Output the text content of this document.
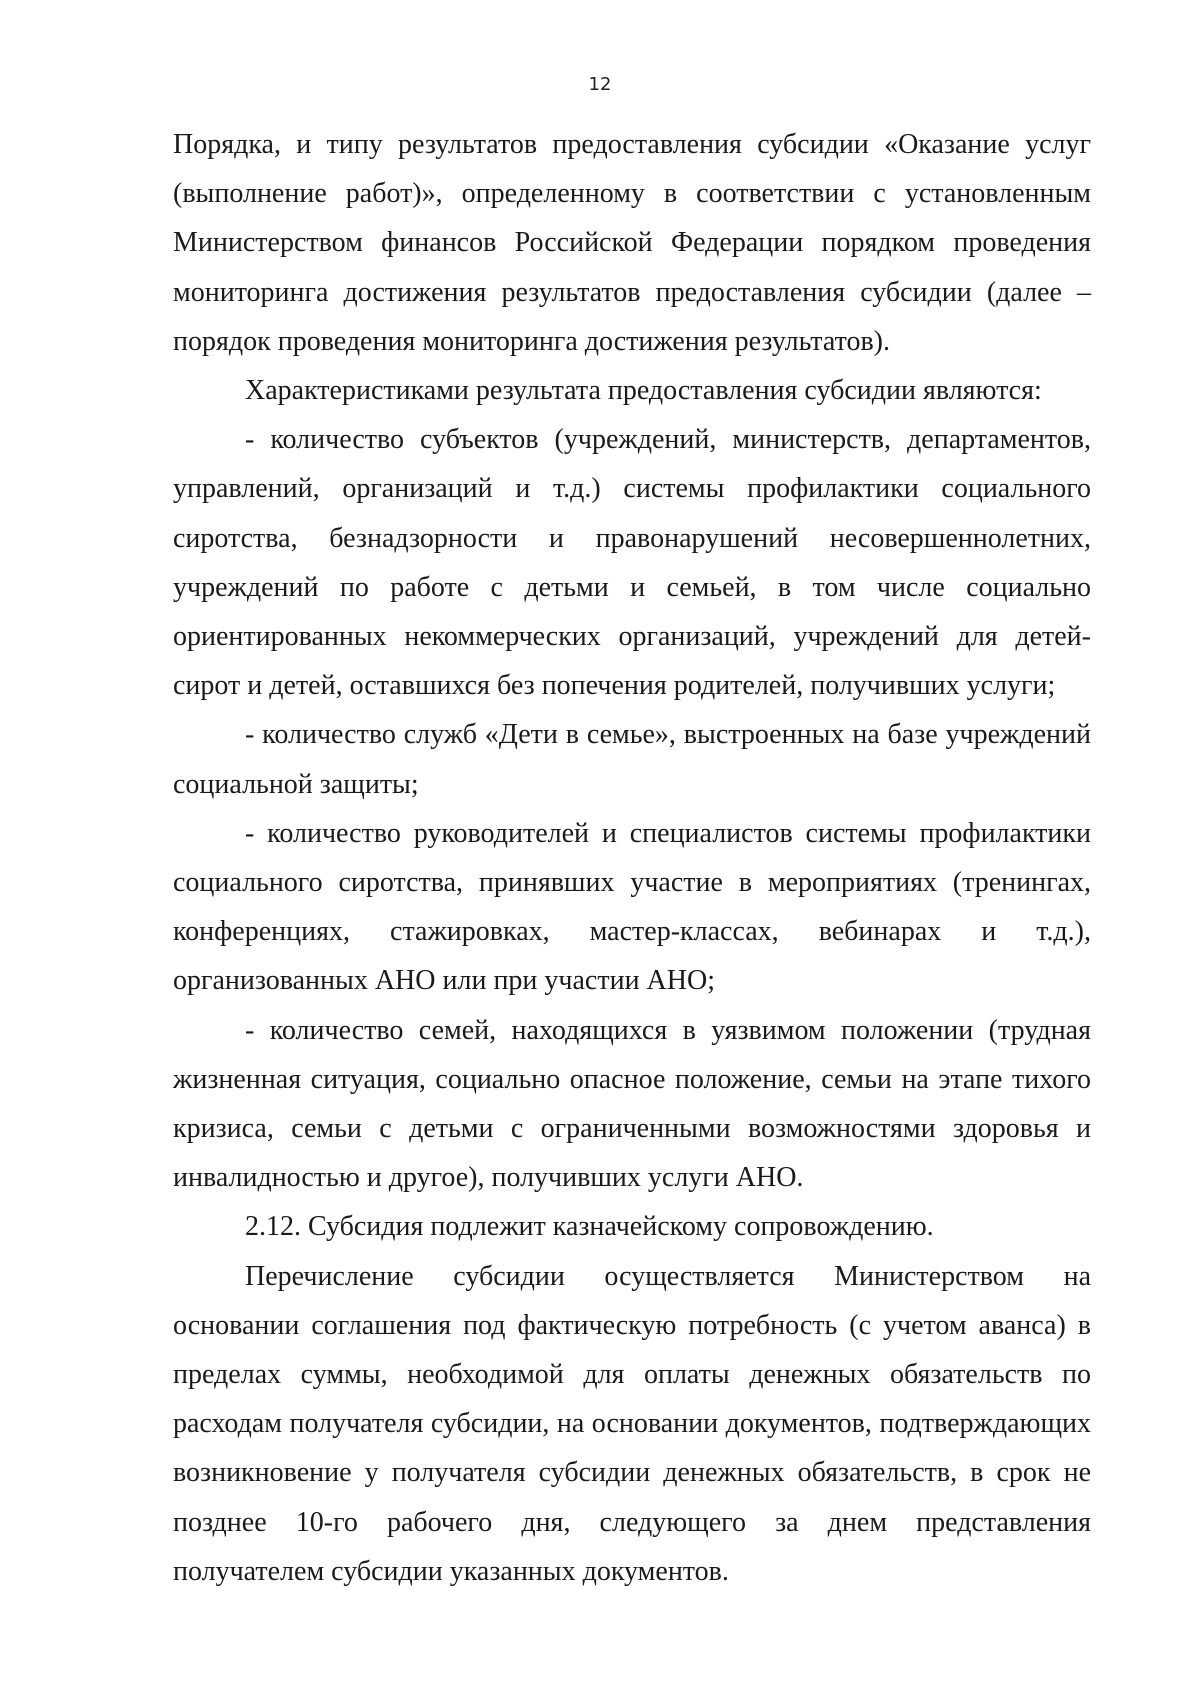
12

Порядка, и типу результатов предоставления субсидии «Оказание услуг (выполнение работ)», определенному в соответствии с установленным Министерством финансов Российской Федерации порядком проведения мониторинга достижения результатов предоставления субсидии (далее – порядок проведения мониторинга достижения результатов).

Характеристиками результата предоставления субсидии являются:

- количество субъектов (учреждений, министерств, департаментов, управлений, организаций и т.д.) системы профилактики социального сиротства, безнадзорности и правонарушений несовершеннолетних, учреждений по работе с детьми и семьей, в том числе социально ориентированных некоммерческих организаций, учреждений для детей-сирот и детей, оставшихся без попечения родителей, получивших услуги;

- количество служб «Дети в семье», выстроенных на базе учреждений социальной защиты;

- количество руководителей и специалистов системы профилактики социального сиротства, принявших участие в мероприятиях (тренингах, конференциях, стажировках, мастер-классах, вебинарах и т.д.), организованных АНО или при участии АНО;

- количество семей, находящихся в уязвимом положении (трудная жизненная ситуация, социально опасное положение, семьи на этапе тихого кризиса, семьи с детьми с ограниченными возможностями здоровья и инвалидностью и другое), получивших услуги АНО.

2.12. Субсидия подлежит казначейскому сопровождению.

Перечисление субсидии осуществляется Министерством на основании соглашения под фактическую потребность (с учетом аванса) в пределах суммы, необходимой для оплаты денежных обязательств по расходам получателя субсидии, на основании документов, подтверждающих возникновение у получателя субсидии денежных обязательств, в срок не позднее 10-го рабочего дня, следующего за днем представления получателем субсидии указанных документов.
